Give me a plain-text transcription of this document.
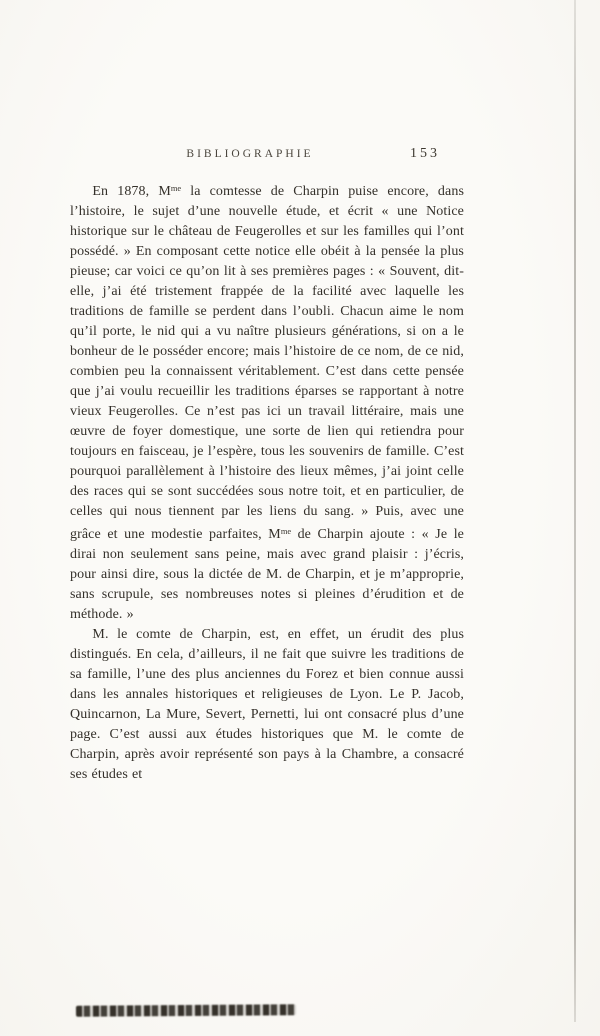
BIBLIOGRAPHIE	153

En 1878, $M^{me}$ la comtesse de Charpin puise encore, dans l’histoire, le sujet d’une nouvelle étude, et écrit « une Notice historique sur le château de Feugerolles et sur les familles qui l’ont possédé. » En composant cette notice elle obéit à la pensée la plus pieuse; car voici ce qu’on lit à ses premières pages : « Souvent, dit-elle, j’ai été tristement frappée de la facilité avec laquelle les traditions de famille se perdent dans l’oubli. Chacun aime le nom qu’il porte, le nid qui a vu naître plusieurs générations, si on a le bonheur de le posséder encore; mais l’histoire de ce nom, de ce nid, combien peu la connaissent véritablement. C’est dans cette pensée que j’ai voulu recueillir les traditions éparses se rapportant à notre vieux Feugerolles. Ce n’est pas ici un travail littéraire, mais une œuvre de foyer domestique, une sorte de lien qui retiendra pour toujours en faisceau, je l’espère, tous les souvenirs de famille. C’est pourquoi parallèlement à l’histoire des lieux mêmes, j’ai joint celle des races qui se sont succédées sous notre toit, et en particulier, de celles qui nous tiennent par les liens du sang. » Puis, avec une grâce et une modestie parfaites, $M^{me}$ de Charpin ajoute : « Je le dirai non seulement sans peine, mais avec grand plaisir : j’écris, pour ainsi dire, sous la dictée de M. de Charpin, et je m’approprie, sans scrupule, ses nombreuses notes si pleines d’érudition et de méthode. »

M. le comte de Charpin, est, en effet, un érudit des plus distingués. En cela, d’ailleurs, il ne fait que suivre les traditions de sa famille, l’une des plus anciennes du Forez et bien connue aussi dans les annales historiques et religieuses de Lyon. Le P. Jacob, Quincarnon, La Mure, Severt, Pernetti, lui ont consacré plus d’une page. C’est aussi aux études historiques que M. le comte de Charpin, après avoir représenté son pays à la Chambre, a consacré ses études et
